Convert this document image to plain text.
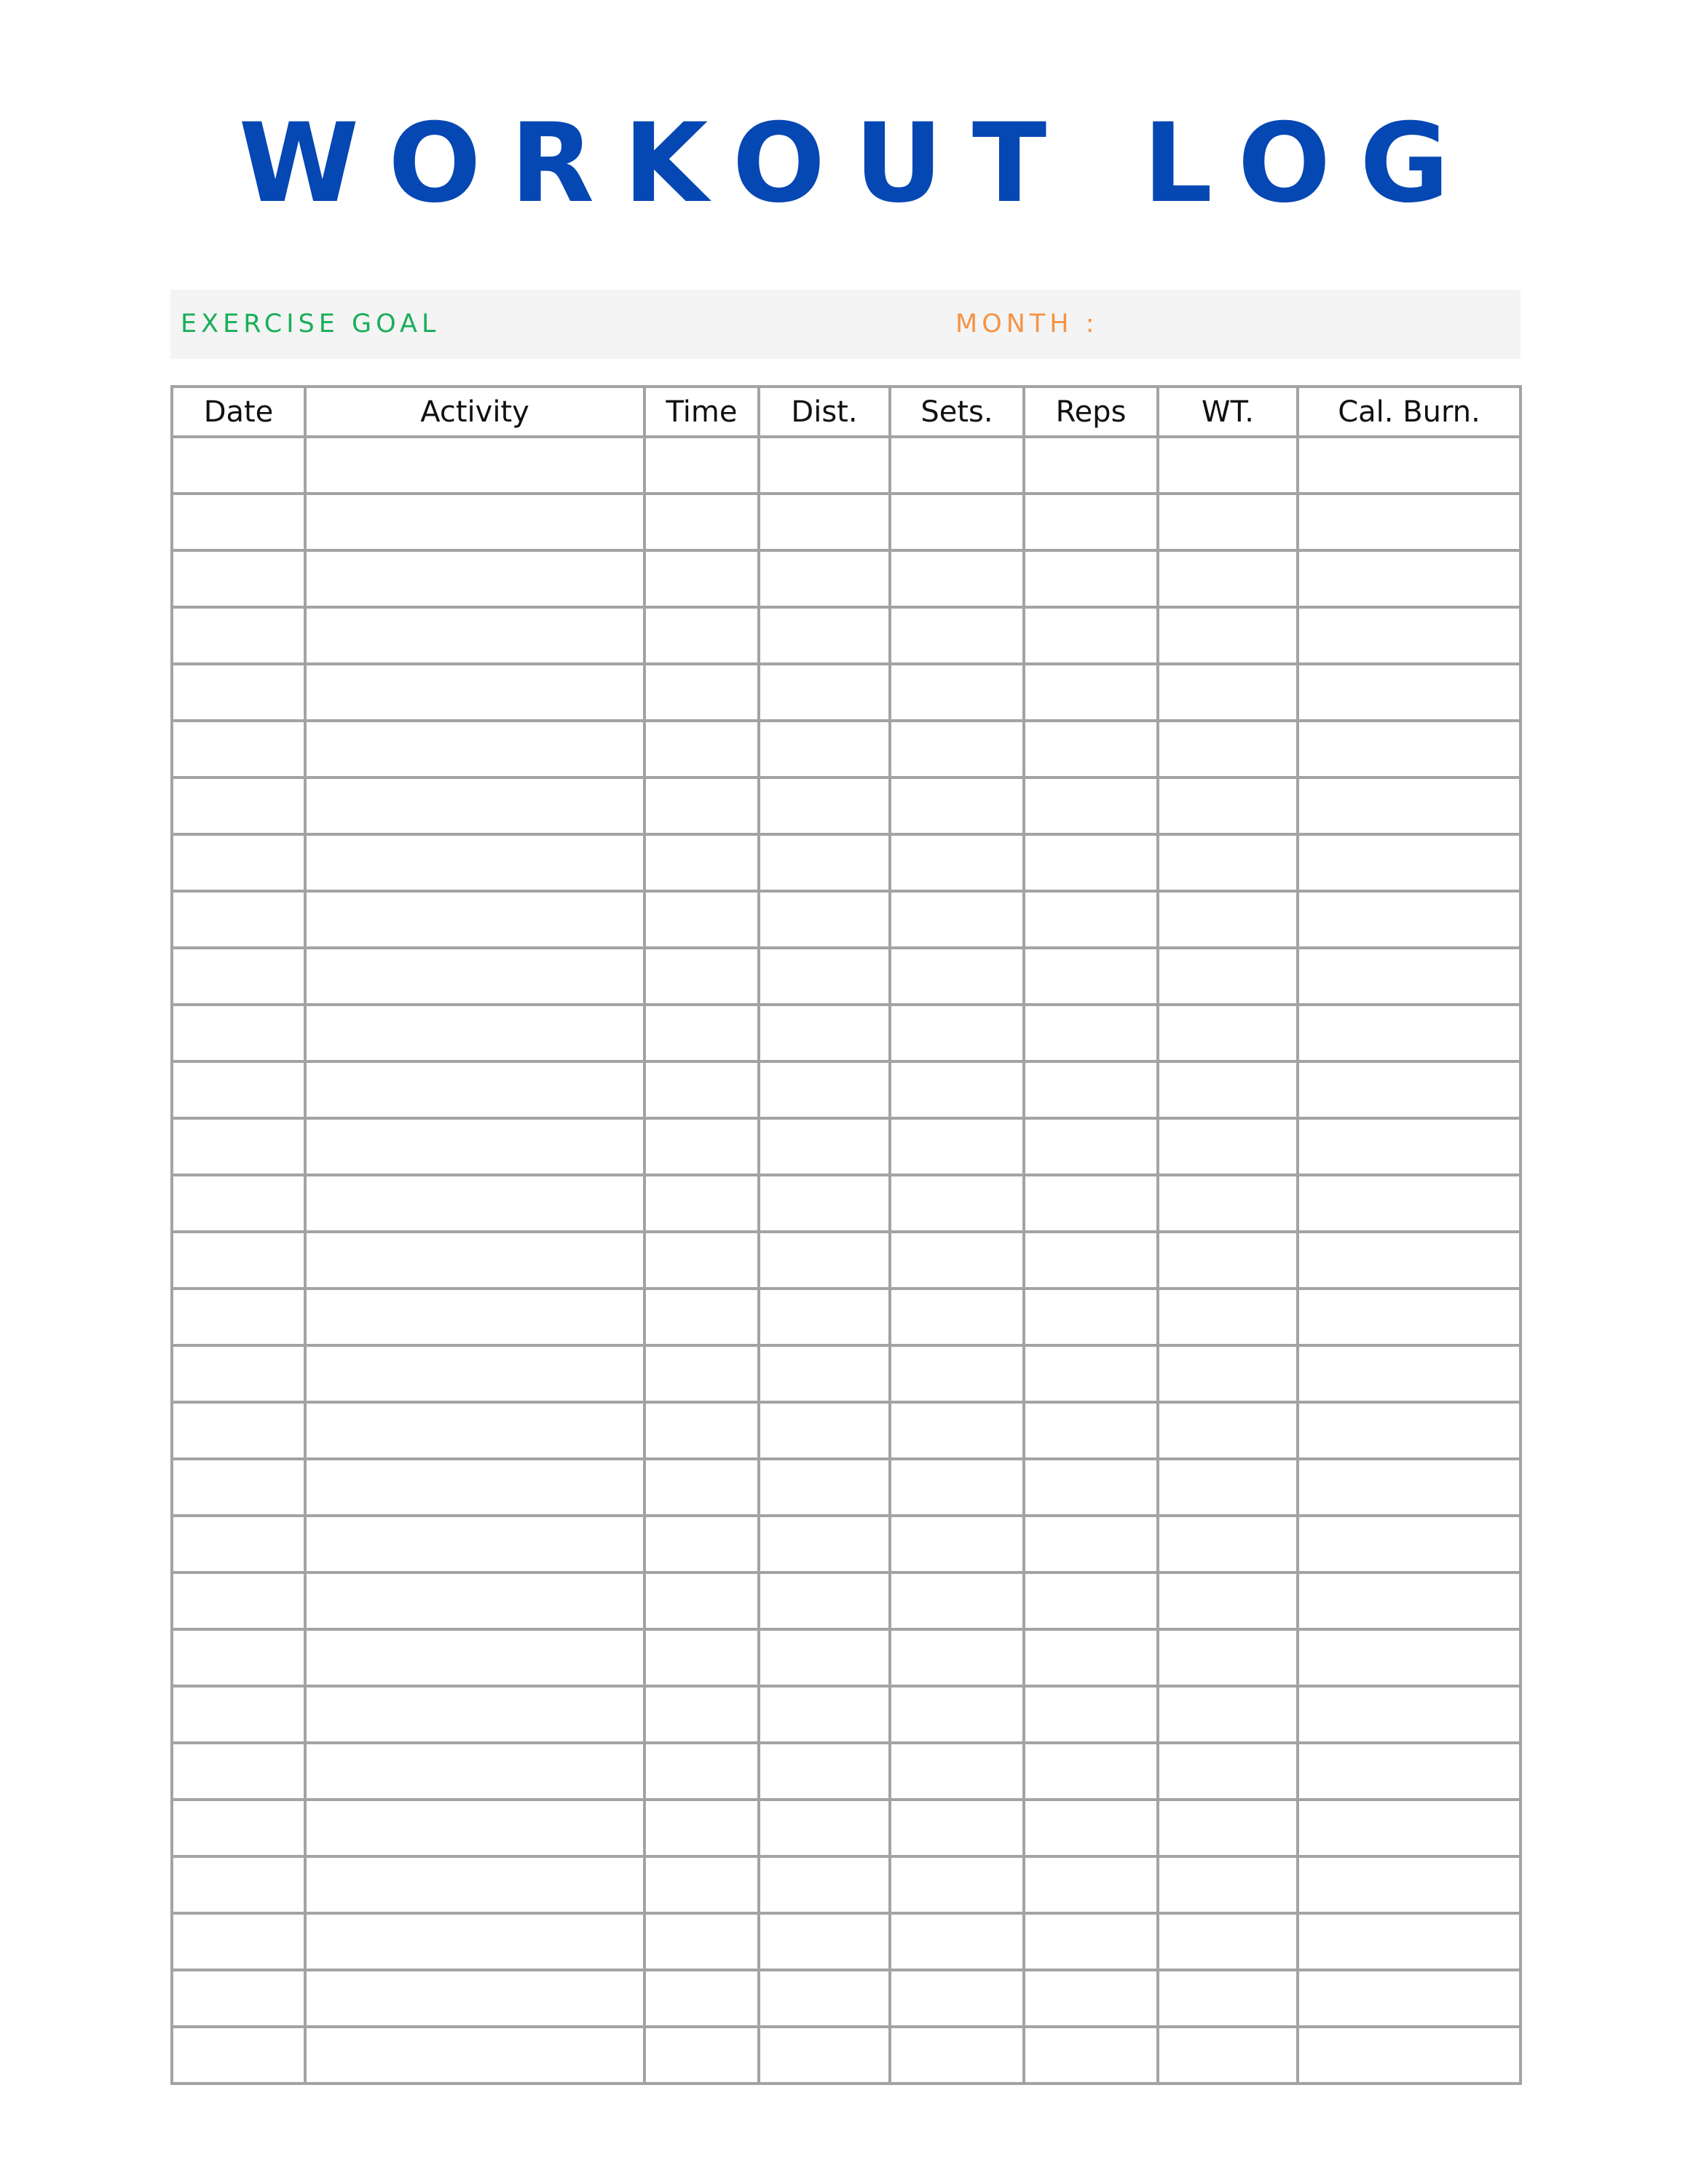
WORKOUT LOG
EXERCISE GOAL	MONTH :
Date	Activity	Time	Dist.	Sets.	Reps	WT.	Cal. Burn.
